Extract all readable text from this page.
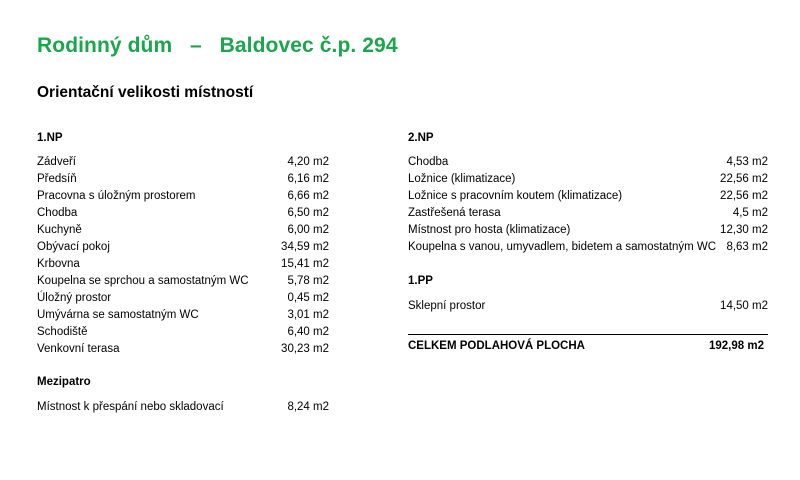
Rodinný dům   –   Baldovec č.p. 294
Orientační velikosti místností
1.NP
Zádveří	4,20 m2
Předsíň	6,16 m2
Pracovna s úložným prostorem	6,66 m2
Chodba	6,50 m2
Kuchyně	6,00 m2
Obývací pokoj	34,59 m2
Krbovna	15,41 m2
Koupelna se sprchou a samostatným WC	5,78 m2
Úložný prostor	0,45 m2
Umývárna se samostatným WC	3,01 m2
Schodiště	6,40 m2
Venkovní terasa	30,23 m2
Mezipatro
Místnost k přespání nebo skladovací	8,24 m2
2.NP
Chodba	4,53 m2
Ložnice (klimatizace)	22,56 m2
Ložnice s pracovním koutem (klimatizace)	22,56 m2
Zastřešená terasa	4,5 m2
Místnost pro hosta (klimatizace)	12,30 m2
Koupelna s vanou, umyvadlem, bidetem a samostatným WC 8,63 m2
1.PP
Sklepní prostor	14,50 m2
CELKEM PODLAHOVÁ PLOCHA	192,98 m2
